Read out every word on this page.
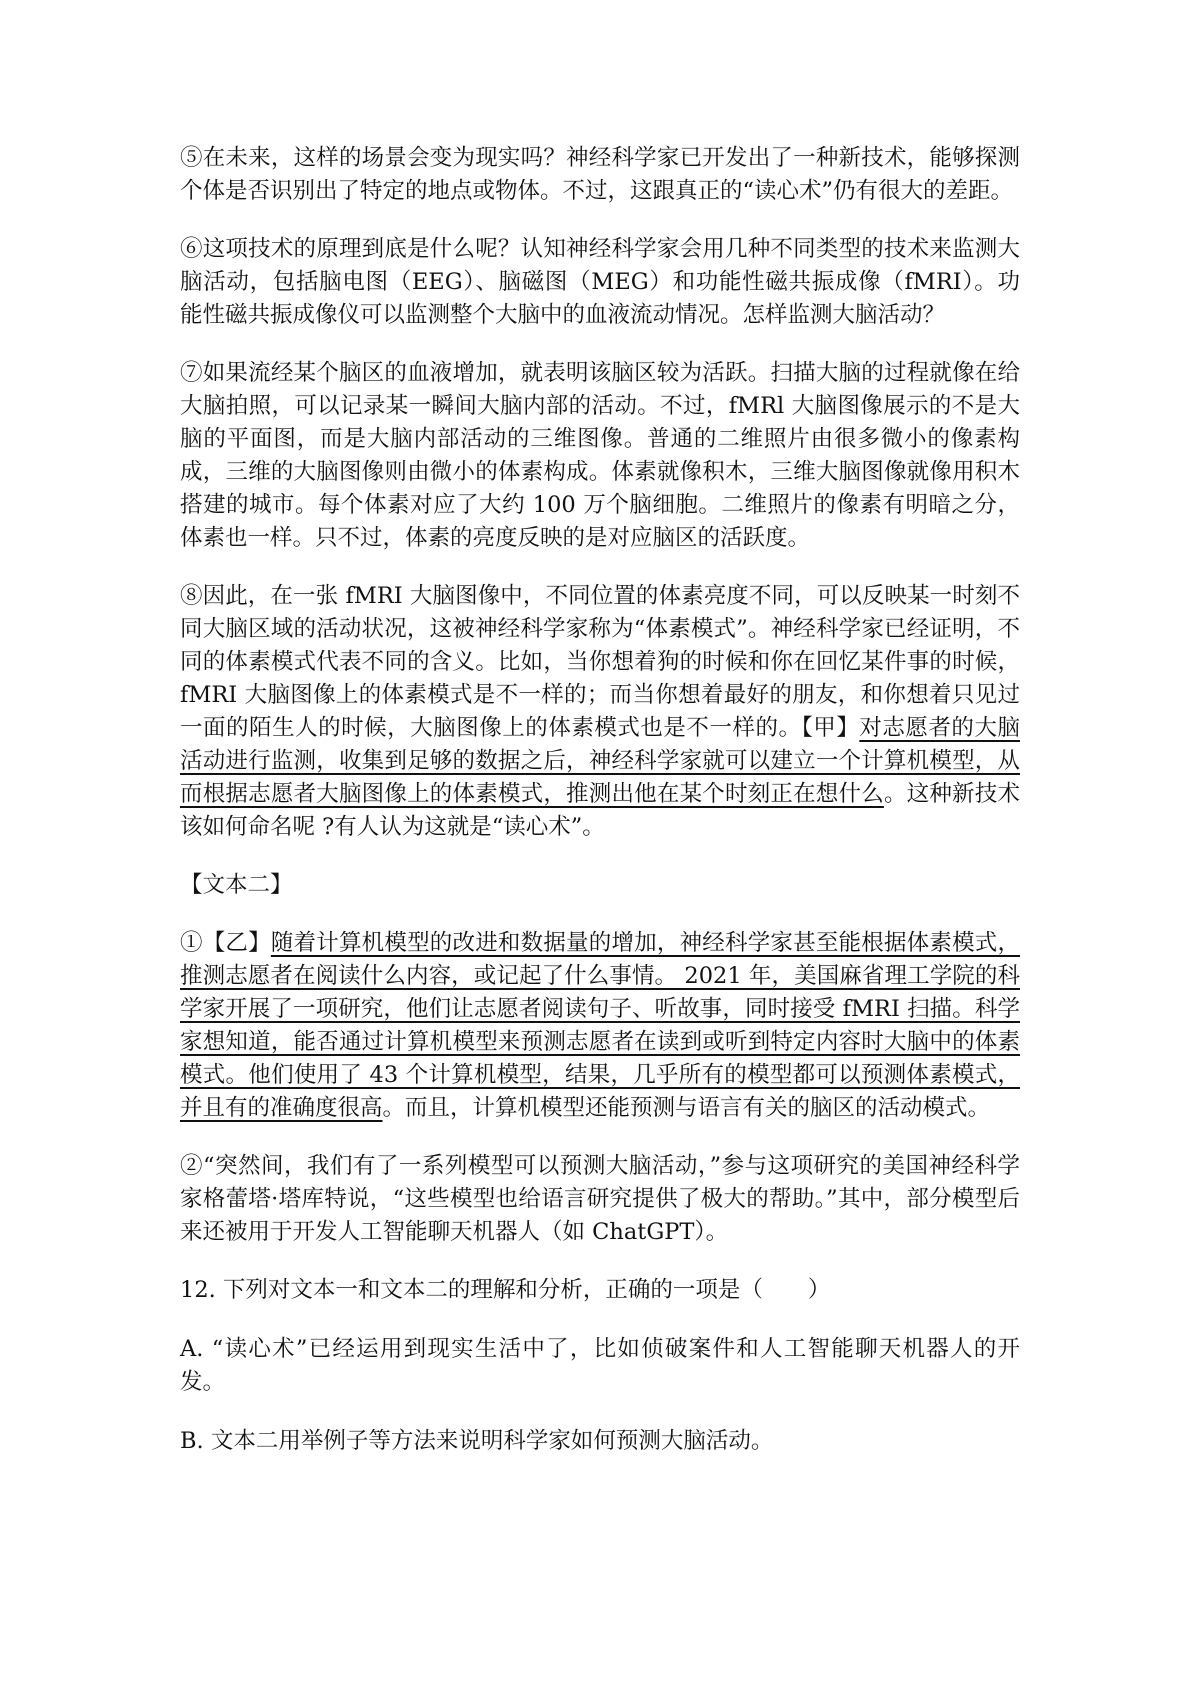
⑤在未来，这样的场景会变为现实吗？神经科学家已开发出了一种新技术，能够探测个体是否识别出了特定的地点或物体。不过，这跟真正的“读心术”仍有很大的差距。

⑥这项技术的原理到底是什么呢？认知神经科学家会用几种不同类型的技术来监测大脑活动，包括脑电图（EEG）、脑磁图（MEG）和功能性磁共振成像（fMRI）。功能性磁共振成像仪可以监测整个大脑中的血液流动情况。怎样监测大脑活动？

⑦如果流经某个脑区的血液增加，就表明该脑区较为活跃。扫描大脑的过程就像在给大脑拍照，可以记录某一瞬间大脑内部的活动。不过，fMRl 大脑图像展示的不是大脑的平面图，而是大脑内部活动的三维图像。普通的二维照片由很多微小的像素构成，三维的大脑图像则由微小的体素构成。体素就像积木，三维大脑图像就像用积木搭建的城市。每个体素对应了大约 100 万个脑细胞。二维照片的像素有明暗之分，体素也一样。只不过，体素的亮度反映的是对应脑区的活跃度。

⑧因此，在一张 fMRI 大脑图像中，不同位置的体素亮度不同，可以反映某一时刻不同大脑区域的活动状况，这被神经科学家称为“体素模式”。神经科学家已经证明，不同的体素模式代表不同的含义。比如，当你想着狗的时候和你在回忆某件事的时候，fMRI 大脑图像上的体素模式是不一样的；而当你想着最好的朋友，和你想着只见过一面的陌生人的时候，大脑图像上的体素模式也是不一样的。【甲】对志愿者的大脑活动进行监测，收集到足够的数据之后，神经科学家就可以建立一个计算机模型，从而根据志愿者大脑图像上的体素模式，推测出他在某个时刻正在想什么。这种新技术该如何命名呢 ?有人认为这就是“读心术”。

【文本二】

①【乙】随着计算机模型的改进和数据量的增加，神经科学家甚至能根据体素模式，推测志愿者在阅读什么内容，或记起了什么事情。 2021 年，美国麻省理工学院的科学家开展了一项研究，他们让志愿者阅读句子、听故事，同时接受 fMRI 扫描。科学家想知道，能否通过计算机模型来预测志愿者在读到或听到特定内容时大脑中的体素模式。他们使用了 43 个计算机模型，结果，几乎所有的模型都可以预测体素模式，并且有的准确度很高。而且，计算机模型还能预测与语言有关的脑区的活动模式。

②“突然间，我们有了一系列模型可以预测大脑活动，”参与这项研究的美国神经科学家格蕾塔·塔库特说，“这些模型也给语言研究提供了极大的帮助。”其中，部分模型后来还被用于开发人工智能聊天机器人（如 ChatGPT）。

12. 下列对文本一和文本二的理解和分析，正确的一项是（　　）

A. “读心术”已经运用到现实生活中了，比如侦破案件和人工智能聊天机器人的开发。

B. 文本二用举例子等方法来说明科学家如何预测大脑活动。
